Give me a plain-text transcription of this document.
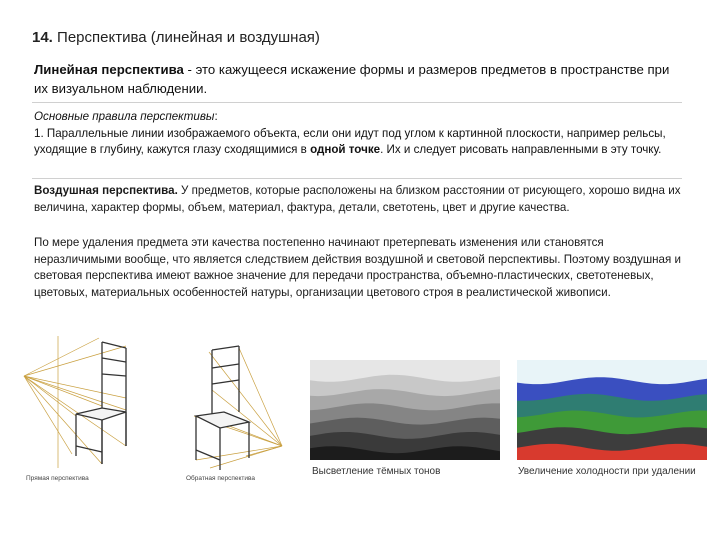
14. Перспектива (линейная и воздушная)
Линейная перспектива - это кажущееся искажение формы и размеров предметов в пространстве при их визуальном наблюдении.
Основные правила перспективы:
1. Параллельные линии изображаемого объекта, если они идут под углом к картинной плоскости, например рельсы, уходящие в глубину, кажутся глазу сходящимися в одной точке. Их и следует рисовать направленными в эту точку.
Воздушная перспектива. У предметов, которые расположены на близком расстоянии от рисующего, хорошо видна их величина, характер формы, объем, материал, фактура, детали, светотень, цвет и другие качества.
По мере удаления предмета эти качества постепенно начинают претерпевать изменения или становятся неразличимыми вообще, что является следствием действия воздушной и световой перспективы. Поэтому воздушная и световая перспектива имеют важное значение для передачи пространства, объемно-пластических, светотеневых, цветовых, материальных особенностей натуры, организации цветового строя в реалистической живописи.
Прямая перспектива	Обратная перспектива
Высветление тёмных тонов	Увеличение холодности при удалении
